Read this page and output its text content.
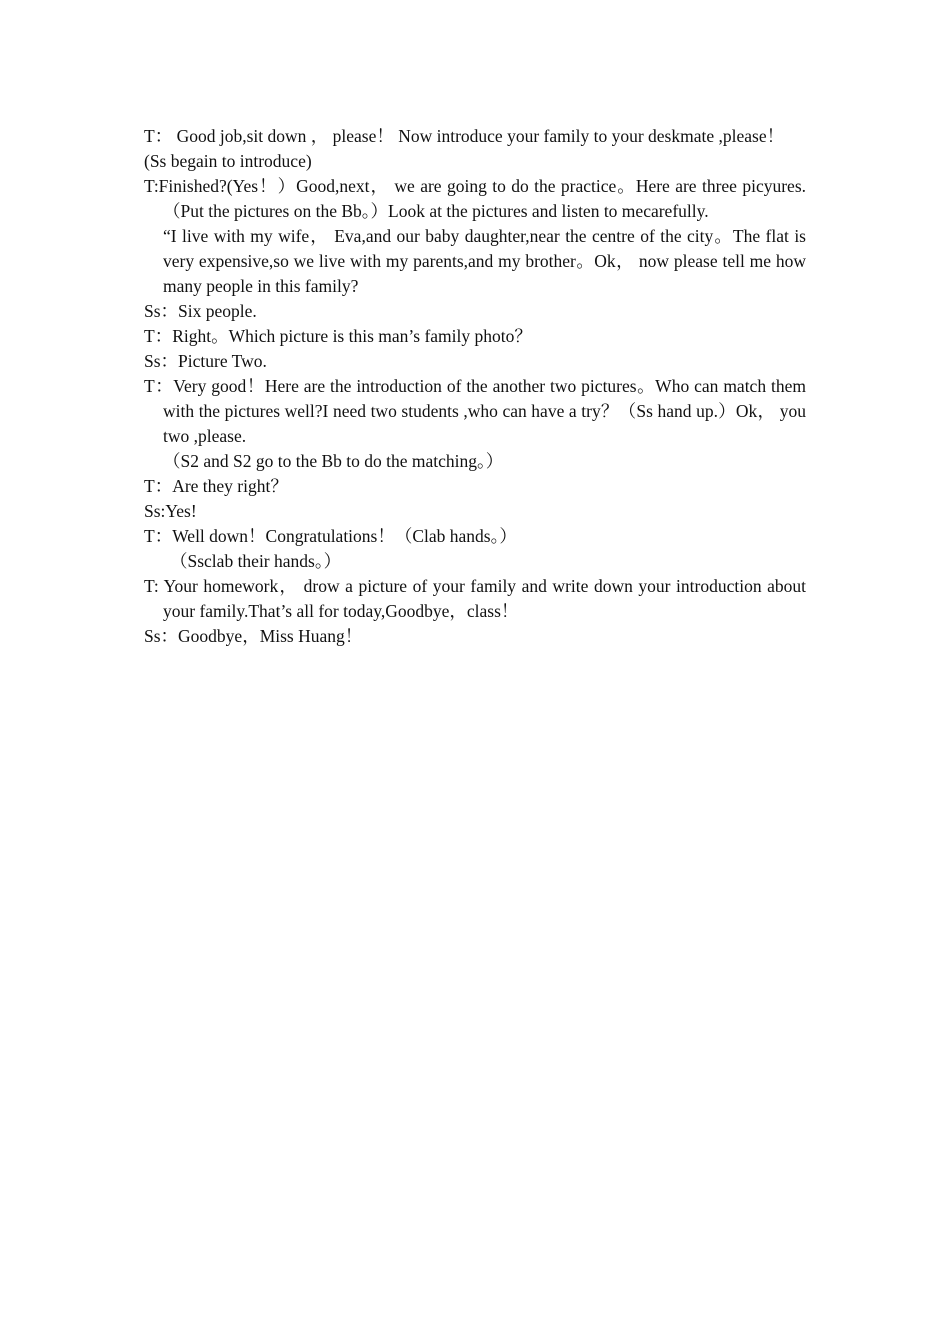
T： Good job,sit down ， please！ Now introduce your family to your deskmate ,please！

(Ss begain to introduce)

T:Finished?(Yes！）Good,next， we are going to do the practice。Here are three picyures.（Put the pictures on the Bb。）Look at the pictures and listen to mecarefully.

“I live with my wife， Eva,and our baby daughter,near the centre of the city。The flat is very expensive,so we live with my parents,and my brother。Ok， now please tell me how many people in this family?

Ss：Six people.

T：Right。Which picture is this man’s family photo？

Ss：Picture Two.

T：Very good！Here are the introduction of the another two pictures。Who can match them with the pictures well?I need two students ,who can have a try？（Ss hand up.）Ok， you two ,please.

（S2 and S2 go to the Bb to do the matching。）

T：Are they right？

Ss:Yes!

T：Well down！Congratulations！（Clab hands。）

（Ssclab their hands。）

T: Your homework， drow a picture of your family and write down your introduction about your family.That’s all for today,Goodbye，class！

Ss：Goodbye，Miss Huang！
